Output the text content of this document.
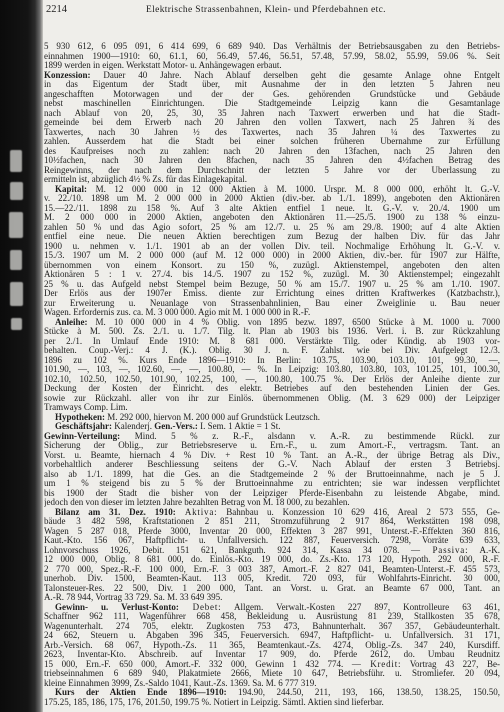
2214	Elektrische Strassenbahnen, Klein- und Pferdebahnen etc.
5 930 612, 6 095 091, 6 414 699, 6 689 940. Das Verhältnis der Betriebsausgaben zu den Betriebs-
einnahmen 1900—1910: 60, 61.1, 60, 56.49, 57.46, 56.51, 57.48, 57.99, 58.02, 55.99, 59.06 %. Seit
1899 werden in eigen. Werkstatt Motor- u. Anhängewagen erbaut.
Konzession: Dauer 40 Jahre. Nach Ablauf derselben geht die gesamte Anlage ohne Entgelt
in das Eigentum der Stadt über, mit Ausnahme der in den letzten 5 Jahren neu
angeschafften Motorwagen und der der Ges. gehörenden Grundstücke und Gebäude
nebst maschinellen Einrichtungen. Die Stadtgemeinde Leipzig kann die Gesamtanlage
nach Ablauf von 20, 25, 30, 35 Jahren nach Taxwert erwerben und hat die Stadt-
gemeinde bei dem Erwerb nach 20 Jahren den vollen Taxwert, nach 25 Jahren ¾ des
Taxwertes, nach 30 Jahren ½ des Taxwertes, nach 35 Jahren ¼ des Taxwertes zu
zahlen. Ausserdem hat die Stadt bei einer solchen früheren Übernahme zur Erfüllung
des Kaufpreises noch zu zahlen: nach 20 Jahren den 13fachen, nach 25 Jahren den
10½fachen, nach 30 Jahren den 8fachen, nach 35 Jahren den 4½fachen Betrag des
Reingewinns, der nach dem Durchschnitt der letzten 5 Jahre vor der Überlassung zu
ermitteln ist, abzüglich 4½ % Zs. für das Einlagekapital.
Kapital: M. 12 000 000 in 12 000 Aktien à M. 1000. Urspr. M. 8 000 000, erhöht lt. G.-V.
v. 22./10. 1898 um M. 2 000 000 in 2000 Aktien (div.-ber. ab 1./1. 1899), angeboten den Aktionären
15.—22./11. 1898 zu 158 %. Auf 3 alte Aktien entfiel 1 neue. lt. G.-V. v. 20./4. 1900 um
M. 2 000 000 in 2000 Aktien, angeboten den Aktionären 11.—25./5. 1900 zu 138 % einzu-
zahlen 50 % und das Agio sofort, 25 % am 12./7. u. 25 % am 29./8. 1900; auf 4 alte Aktien
entfiel eine neue. Die neuen Aktien berechtigen zum Bezug der halben Div. für das Jahr
1900 u. nehmen v. 1./1. 1901 ab an der vollen Div. teil. Nochmalige Erhöhung lt. G.-V. v.
15./3. 1907 um M. 2 000 000 (auf M. 12 000 000) in 2000 Aktien, div.-ber. für 1907 zur Hälfte,
übernommen von einem Konsort. zu 150 %, zuzügl. Aktienstempel, angeboten den alten
Aktionären 5 : 1 v. 27./4. bis 14./5. 1907 zu 152 %, zuzügl. M. 30 Aktienstempel; eingezahlt
25 % u. das Aufgeld nebst Stempel beim Bezuge, 50 % am 15./7. 1907 u. 25 % am 1./10. 1907.
Der Erlös aus der 1907er Emiss. diente zur Errichtung eines dritten Kraftwerkes (Katzbachstr.),
zur Erweiterung u. Neuanlage von Strassenbahnlinien, Bau einer Zweiglinie u. Bau neuer
Wagen. Erfordernis zus. ca. M. 3 000 000. Agio mit M. 1 000 000 in R.-F.
Anleihe: M. 10 000 000 in 4 % Oblig. von 1895 bezw. 1897, 6500 Stücke à M. 1000 u. 7000
Stücke à M. 500. Zs. 2./1. u. 1./7. Tilg. lt. Plan ab 1903 bis 1936. Verl. i. B. zur Rückzahlung
per 2./1. In Umlauf Ende 1910: M. 8 681 000. Verstärkte Tilg. oder Kündig. ab 1903 vor-
behalten. Coup.-Verj.: 4 J. (K.). Oblig. 30 J. n. F. Zahlst. wie bei Div. Aufgelegt 12./3.
1896 zu 102 %. Kurs Ende 1896—1910: In Berlin: 103.75, 103.90, 103.10, 101, 99.30, —,
101.90, —, 103, —, 102.60, —, —, 100.80, — %. In Leipzig: 103.80, 103.80, 103, 101.25, 101, 100.30,
102.10, 102.50, 102.50, 101.90, 102.25, 100, —, 100.80, 100.75 %. Der Erlös der Anleihe diente zur
Deckung der Kosten der Einricht. des elektr. Betriebes auf den bestehenden Linien der Ges.
sowie zur Rückzahl. aller von ihr zur Einlös. übernommenen Oblig. (M. 3 629 000) der Leipziger
Tramways Comp. Lim.
Hypotheken: M. 292 000, hiervon M. 200 000 auf Grundstück Leutzsch.
Geschäftsjahr: Kalenderj. Gen.-Vers.: I. Sem. 1 Aktie = 1 St.
Gewinn-Verteilung: Mind. 5 % z. R.-F., alsdann v. A.-R. zu bestimmende Rückl. zur
Sicherung der Oblig., zur Betriebsreserve u. Ern.-F., u. zum Amort.-F., vertragsm. Tant. an
Vorst. u. Beamte, hiernach 4 % Div. + Rest 10 % Tant. an A.-R., der übrige Betrag als Div.,
vorbehaltlich anderer Beschliessung seitens der G.-V. Nach Ablauf der ersten 3 Betriebsj.
also ab 1./1. 1899, hat die Ges. an die Stadtgemeinde 2 % der Bruttoeinnahme, nach je 5 J.
um 1 % steigend bis zu 5 % der Bruttoeinnahme zu entrichten; sie war indessen verpflichtet
bis 1900 der Stadt die bisher von der Leipziger Pferde-Eisenbahn zu leistende Abgabe, mind.
jedoch den von dieser im letzten Jahre bezahlten Betrag von M. 18 000, zu bezahlen.
Bilanz am 31. Dez. 1910: Aktiva: Bahnbau u. Konzession 10 629 416, Areal 2 573 555, Ge-
bäude 3 482 598, Kraftstationen 2 851 211, Stromzuführung 2 917 864, Werkstätten 198 098,
Wagen 5 287 018, Pferde 3000, Inventar 20 000, Effekten 3 287 991, Unterst.-F.-Effekten 360 816,
Kaut.-Kto. 156 067, Haftpflicht- u. Unfallversich. 122 887, Feuerversich. 7298, Vorräte 639 633,
Lohnvorschuss 1926, Debit. 151 621, Bankguth. 924 314, Kassa 34 078. — Passiva: A.-K.
12 000 000, Oblig. 8 681 000, do. Einlös.-Kto. 19 000, do. Zs.-Kto. 173 120, Hypoth. 292 000, R.-F.
2 770 000, Spez.-R.-F. 100 000, Ern.-F. 3 003 387, Amort.-F. 2 827 041, Beamten-Unterst.-F. 455 573,
unerhob. Div. 1500, Beamten-Kaut. 113 005, Kredit. 720 093, für Wohlfahrts-Einricht. 30 000,
Talonsteuer-Res. 22 500, Div. 1 200 000, Tant. an Vorst. u. Grat. an Beamte 67 000, Tant. an
A.-R. 78 944, Vortrag 33 729. Sa. M. 33 649 395.
Gewinn- u. Verlust-Konto: Debet: Allgem. Verwalt.-Kosten 227 897, Kontrolleure 63 461,
Schaffner 962 111, Wagenführer 668 458, Bekleidung u. Ausrüstung 81 239, Stallkosten 35 678,
Wagenunterhalt. 274 705, elektr. Zugkosten 753 473, Bahnunterhalt. 367 357, Gebäudeunterhalt.
24 662, Steuern u. Abgaben 396 345, Feuerversich. 6947, Haftpflicht- u. Unfallversich. 31 171,
Arb.-Versich. 68 067, Hypoth.-Zs. 11 365, Beamtenkaut.-Zs. 4274, Oblig.-Zs. 347 240, Kursdiff.
2623, Inventar-Kto. Abschreib. auf Inventar 17 909, do. Pferde 2612, do. Umbau Reudnitz
15 000, Ern.-F. 650 000, Amort.-F. 332 000, Gewinn 1 432 774. — Kredit: Vortrag 43 227, Be-
triebseinnahmen 6 689 940, Plakatmiete 2666, Miete 10 647, Betriebsführ. u. Stromliefer. 20 094,
kleine Einnahmen 3999, Zs.-Saldo 1041, Kaut.-Zs. 1369. Sa. M. 6 777 319.
Kurs der Aktien Ende 1896—1910: 194.90, 244.50, 211, 193, 166, 138.50, 138.25, 150.50,
175.25, 185, 186, 175, 176, 201.50, 199.75 %. Notiert in Leipzig. Sämtl. Aktien sind lieferbar.
